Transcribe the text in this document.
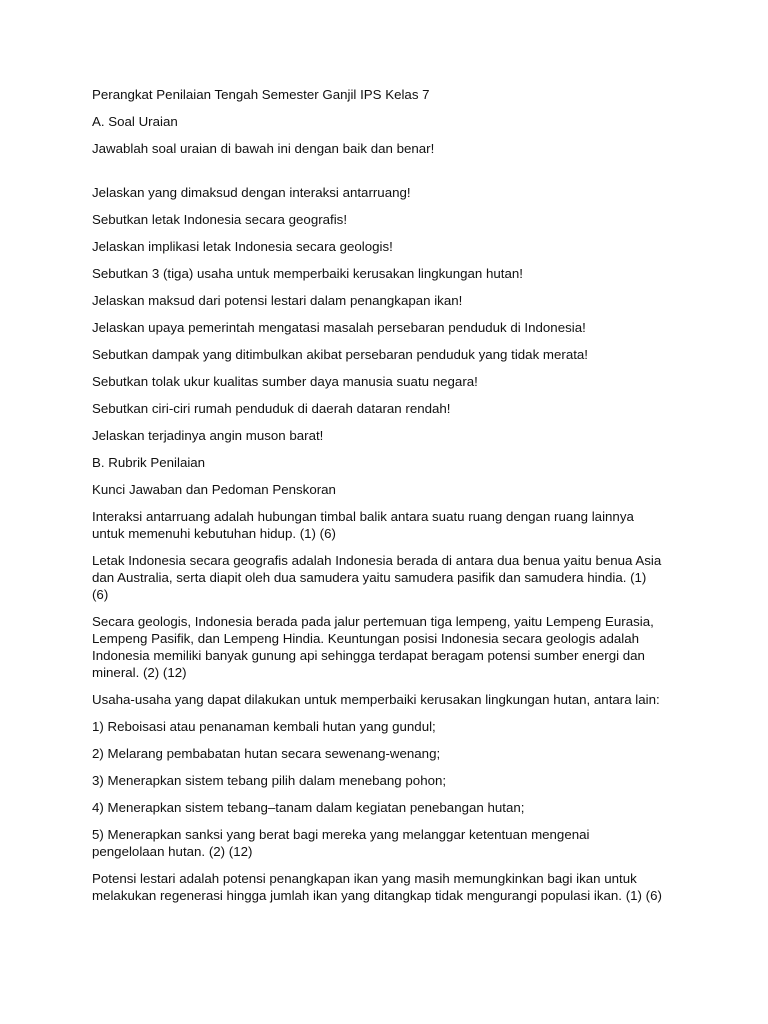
Perangkat Penilaian Tengah Semester Ganjil IPS Kelas 7

A. Soal Uraian

Jawablah soal uraian di bawah ini dengan baik dan benar!

Jelaskan yang dimaksud dengan interaksi antarruang!

Sebutkan letak Indonesia secara geografis!

Jelaskan implikasi letak Indonesia secara geologis!

Sebutkan 3 (tiga) usaha untuk memperbaiki kerusakan lingkungan hutan!

Jelaskan maksud dari potensi lestari dalam penangkapan ikan!

Jelaskan upaya pemerintah mengatasi masalah persebaran penduduk di Indonesia!

Sebutkan dampak yang ditimbulkan akibat persebaran penduduk yang tidak merata!

Sebutkan tolak ukur kualitas sumber daya manusia suatu negara!

Sebutkan ciri-ciri rumah penduduk di daerah dataran rendah!

Jelaskan terjadinya angin muson barat!

B. Rubrik Penilaian

Kunci Jawaban dan Pedoman Penskoran

Interaksi antarruang adalah hubungan timbal balik antara suatu ruang dengan ruang lainnya untuk memenuhi kebutuhan hidup. (1) (6)

Letak Indonesia secara geografis adalah Indonesia berada di antara dua benua yaitu benua Asia dan Australia, serta diapit oleh dua samudera yaitu samudera pasifik dan samudera hindia. (1) (6)

Secara geologis, Indonesia berada pada jalur pertemuan tiga lempeng, yaitu Lempeng Eurasia, Lempeng Pasifik, dan Lempeng Hindia. Keuntungan posisi Indonesia secara geologis adalah Indonesia memiliki banyak gunung api sehingga terdapat beragam potensi sumber energi dan mineral. (2) (12)

Usaha-usaha yang dapat dilakukan untuk memperbaiki kerusakan lingkungan hutan, antara lain:

1) Reboisasi atau penanaman kembali hutan yang gundul;

2) Melarang pembabatan hutan secara sewenang-wenang;

3) Menerapkan sistem tebang pilih dalam menebang pohon;

4) Menerapkan sistem tebang–tanam dalam kegiatan penebangan hutan;

5) Menerapkan sanksi yang berat bagi mereka yang melanggar ketentuan mengenai pengelolaan hutan. (2) (12)

Potensi lestari adalah potensi penangkapan ikan yang masih memungkinkan bagi ikan untuk melakukan regenerasi hingga jumlah ikan yang ditangkap tidak mengurangi populasi ikan. (1) (6)
